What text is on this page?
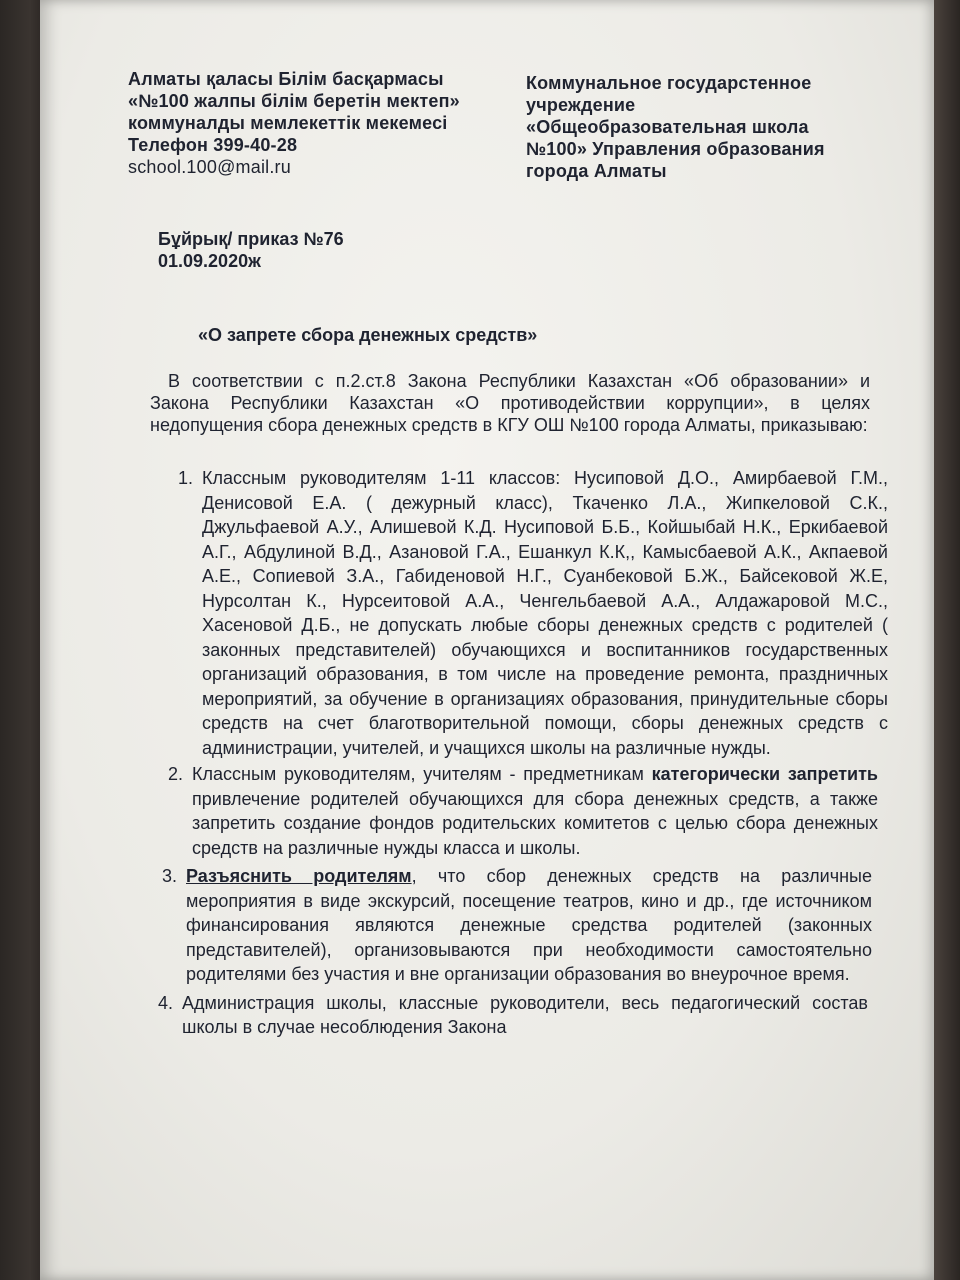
Алматы қаласы Білім басқармасы
«№100 жалпы білім беретін мектеп»
коммуналды мемлекеттік мекемесі
Телефон 399-40-28
school.100@mail.ru
Коммунальное государстенное
учреждение
«Общеобразовательная школа
№100» Управления образования
города Алматы
Бұйрық/ приказ №76
01.09.2020ж
«О запрете сбора денежных средств»

В соответствии с п.2.ст.8 Закона Республики Казахстан «Об образовании» и Закона Республики Казахстан «О противодействии коррупции», в целях недопущения сбора денежных средств в КГУ ОШ №100 города Алматы, приказываю:

1. Классным руководителям 1-11 классов: Нусиповой Д.О., Амирбаевой Г.М., Денисовой Е.А. ( дежурный класс), Ткаченко Л.А., Жипкеловой С.К., Джульфаевой А.У., Алишевой К.Д. Нусиповой Б.Б., Койшыбай Н.К., Еркибаевой А.Г., Абдулиной В.Д., Азановой Г.А., Ешанкул К.К,, Камысбаевой А.К., Акпаевой А.Е., Сопиевой З.А., Габиденовой Н.Г., Суанбековой Б.Ж., Байсековой Ж.Е, Нурсолтан К., Нурсеитовой А.А., Ченгельбаевой А.А., Алдажаровой М.С., Хасеновой Д.Б., не допускать любые сборы денежных средств с родителей ( законных представителей) обучающихся и воспитанников государственных организаций образования, в том числе на проведение ремонта, праздничных мероприятий, за обучение в организациях образования, принудительные сборы средств на счет благотворительной помощи, сборы денежных средств с администрации, учителей, и учащихся школы на различные нужды.
2. Классным руководителям, учителям - предметникам категорически запретить привлечение родителей обучающихся для сбора денежных средств, а также запретить создание фондов родительских комитетов с целью сбора денежных средств на различные нужды класса и школы.
3. Разъяснить родителям, что сбор денежных средств на различные мероприятия в виде экскурсий, посещение театров, кино и др., где источником финансирования являются денежные средства родителей (законных представителей), организовываются при необходимости самостоятельно родителями без участия и вне организации образования во внеурочное время.
4. Администрация школы, классные руководители, весь педагогический состав школы в случае несоблюдения Закона
